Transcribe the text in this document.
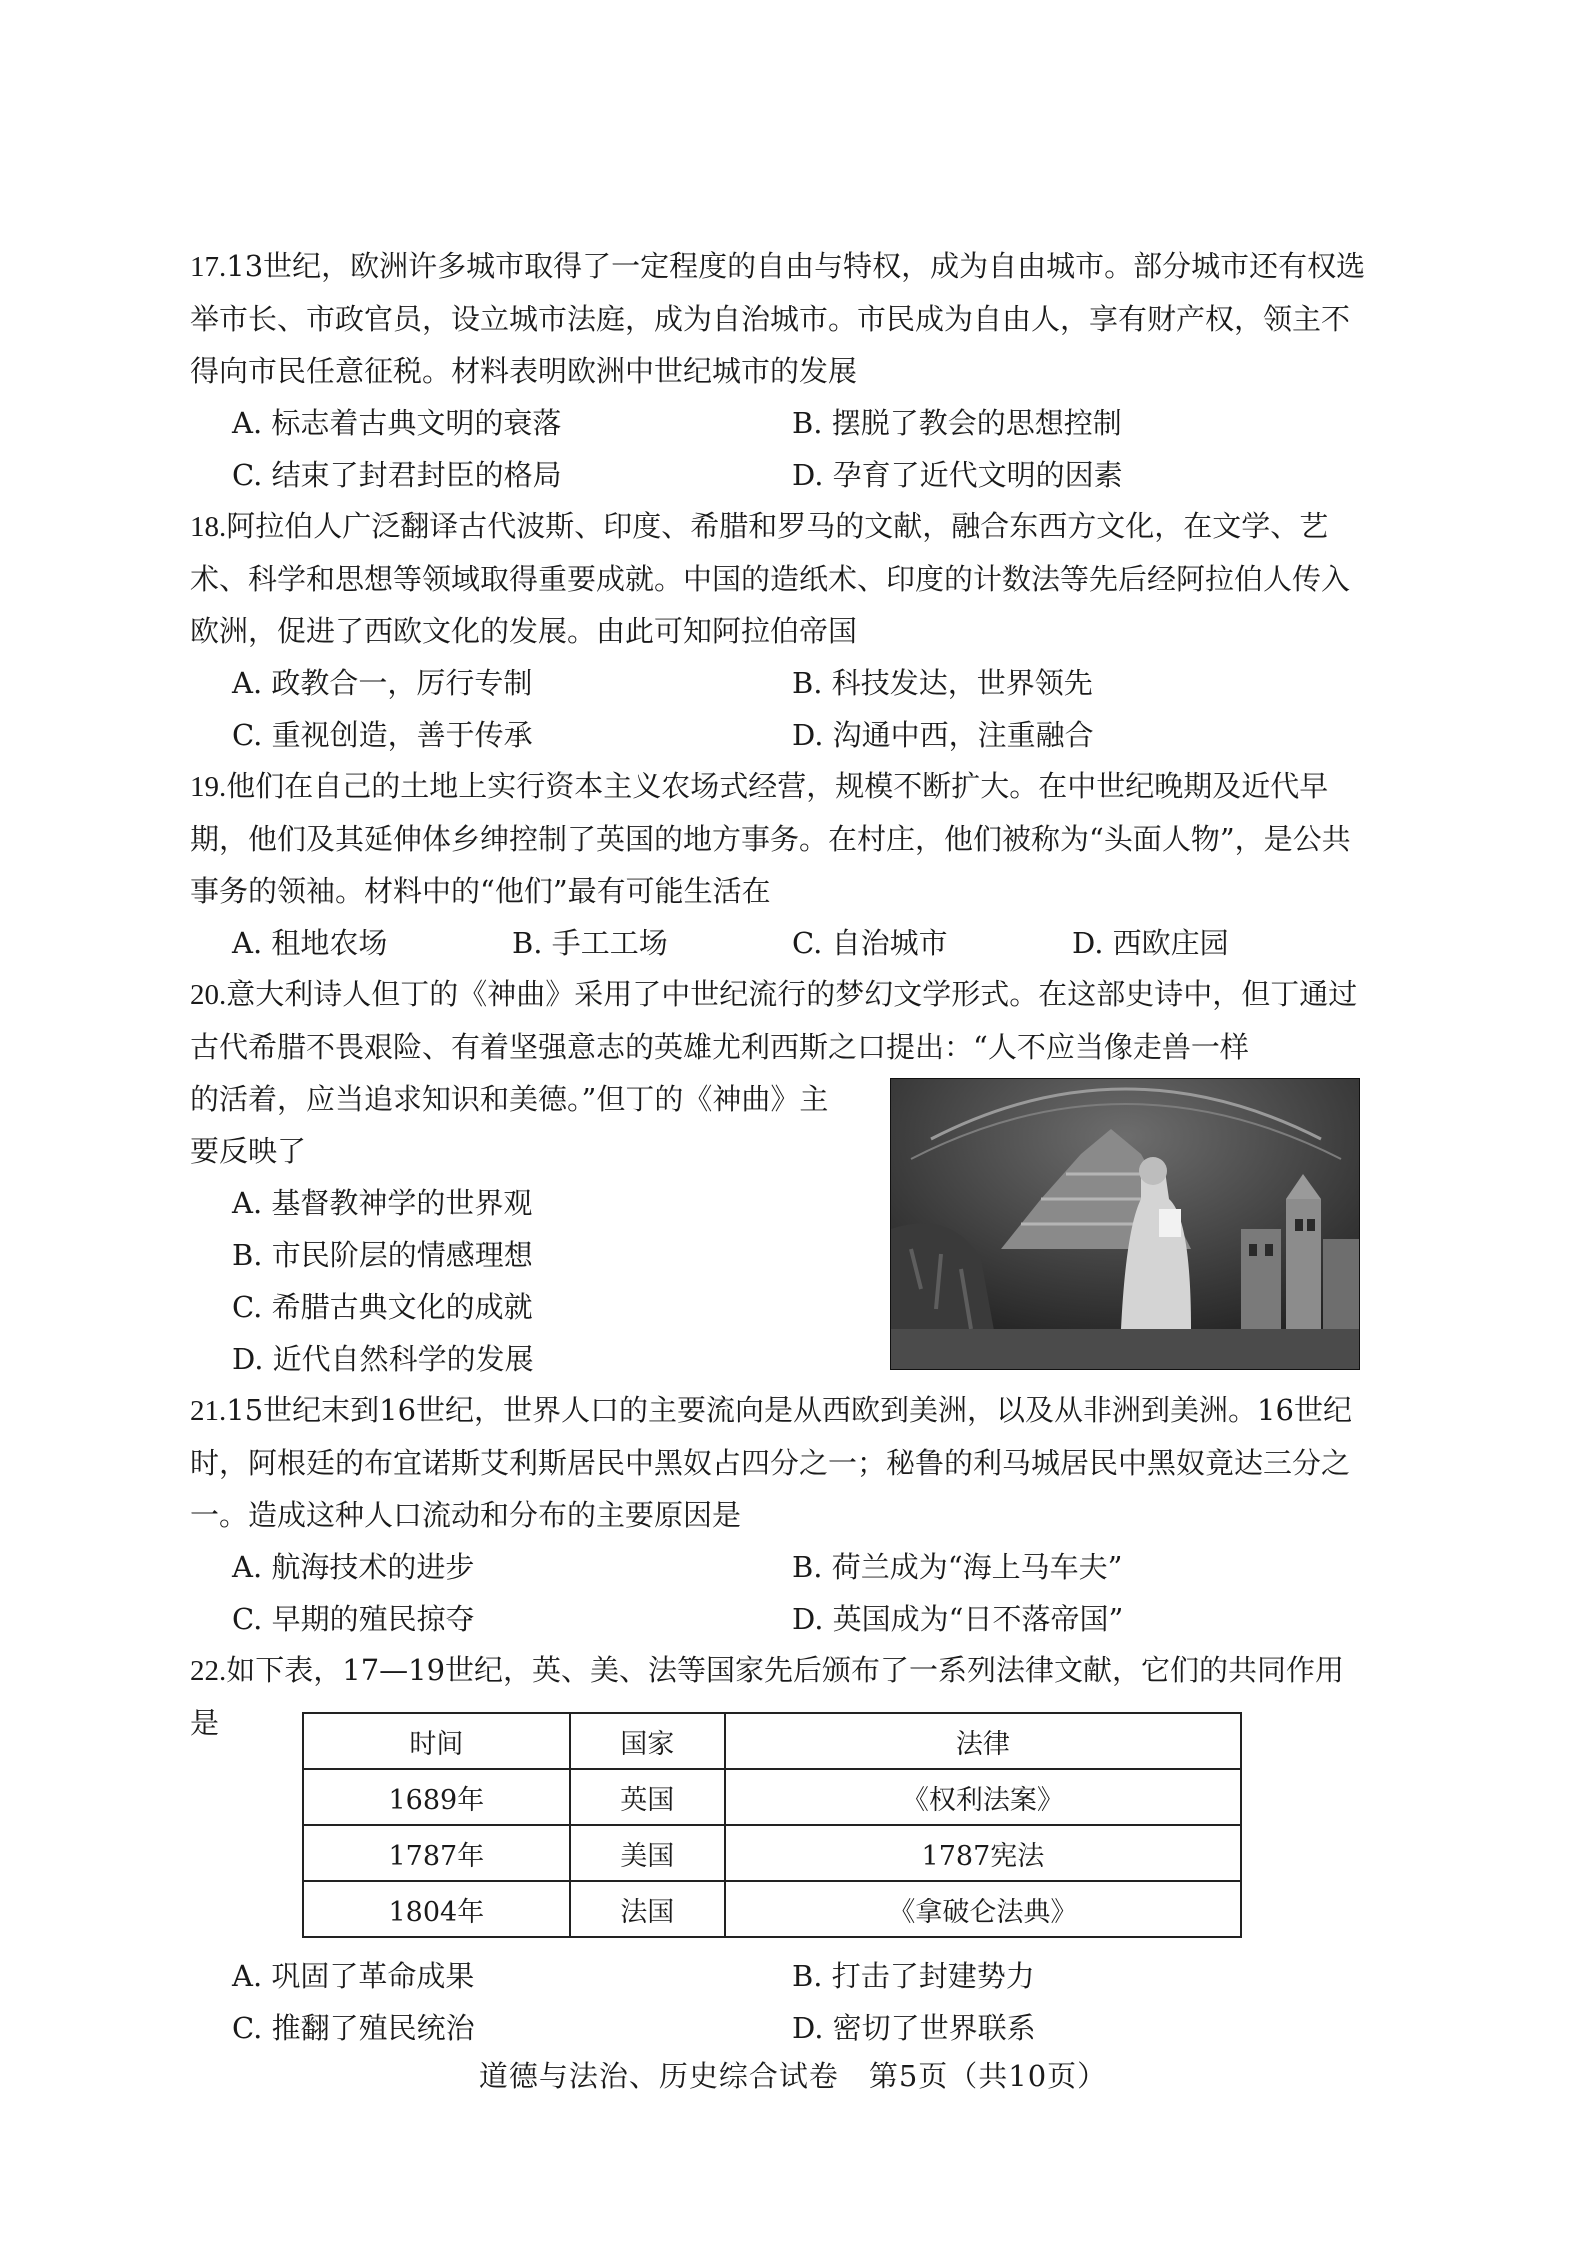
17.13世纪，欧洲许多城市取得了一定程度的自由与特权，成为自由城市。部分城市还有权选举市长、市政官员，设立城市法庭，成为自治城市。市民成为自由人，享有财产权，领主不得向市民任意征税。材料表明欧洲中世纪城市的发展

A. 标志着古典文明的衰落	B. 摆脱了教会的思想控制
C. 结束了封君封臣的格局	D. 孕育了近代文明的因素

18.阿拉伯人广泛翻译古代波斯、印度、希腊和罗马的文献，融合东西方文化，在文学、艺术、科学和思想等领域取得重要成就。中国的造纸术、印度的计数法等先后经阿拉伯人传入欧洲，促进了西欧文化的发展。由此可知阿拉伯帝国

A. 政教合一，厉行专制	B. 科技发达，世界领先
C. 重视创造，善于传承	D. 沟通中西，注重融合

19.他们在自己的土地上实行资本主义农场式经营，规模不断扩大。在中世纪晚期及近代早期，他们及其延伸体乡绅控制了英国的地方事务。在村庄，他们被称为“头面人物”，是公共事务的领袖。材料中的“他们”最有可能生活在

A. 租地农场	B. 手工工场	C. 自治城市	D. 西欧庄园

20.意大利诗人但丁的《神曲》采用了中世纪流行的梦幻文学形式。在这部史诗中，但丁通过古代希腊不畏艰险、有着坚强意志的英雄尤利西斯之口提出：“人不应当像走兽一样

的活着，应当追求知识和美德。”但丁的《神曲》主要反映了
A. 基督教神学的世界观
B. 市民阶层的情感理想
C. 希腊古典文化的成就
D. 近代自然科学的发展

21.15世纪末到16世纪，世界人口的主要流向是从西欧到美洲，以及从非洲到美洲。16世纪时，阿根廷的布宜诺斯艾利斯居民中黑奴占四分之一；秘鲁的利马城居民中黑奴竟达三分之一。造成这种人口流动和分布的主要原因是

A. 航海技术的进步	B. 荷兰成为“海上马车夫”
C. 早期的殖民掠夺	D. 英国成为“日不落帝国”

22.如下表，17—19世纪，英、美、法等国家先后颁布了一系列法律文献，它们的共同作用是

时间	国家	法律
1689年	英国	《权利法案》
1787年	美国	1787宪法
1804年	法国	《拿破仑法典》
A. 巩固了革命成果	B. 打击了封建势力
C. 推翻了殖民统治	D. 密切了世界联系
道德与法治、历史综合试卷　第5页（共10页）
